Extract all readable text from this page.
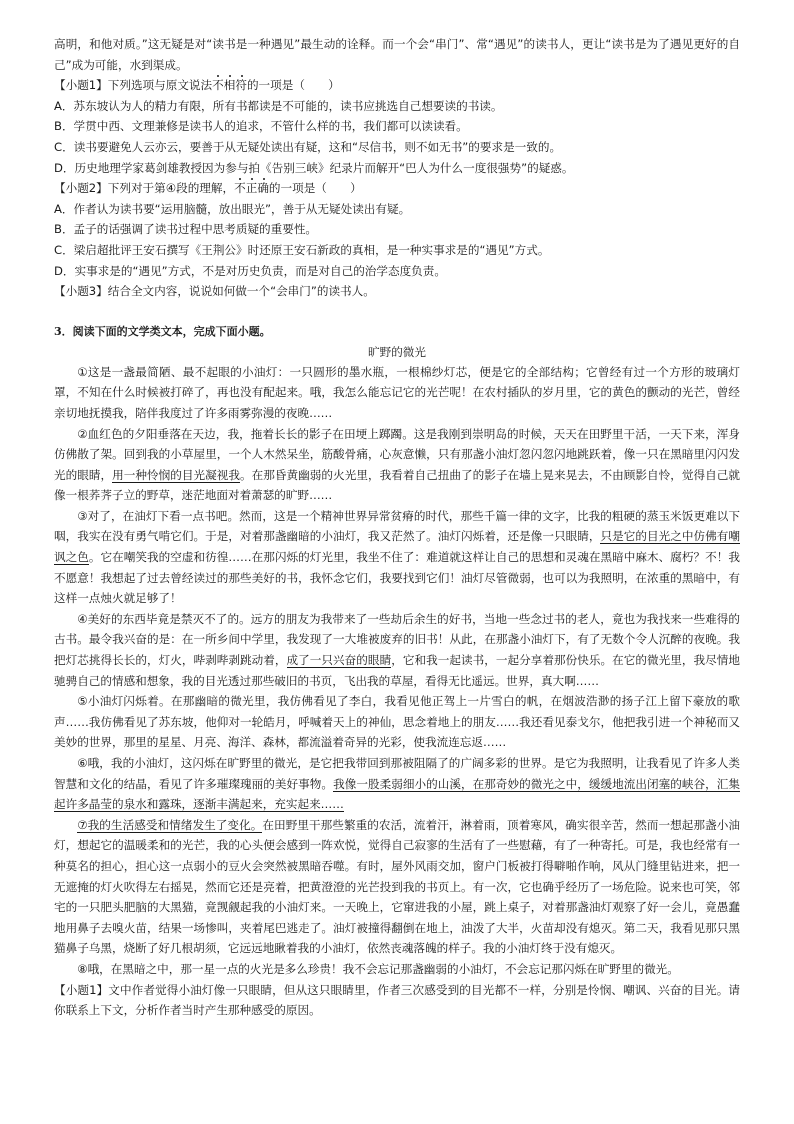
高明，和他对质。”这无疑是对“读书是一种遇见”最生动的诠释。而一个会“串门”、常“遇见”的读书人，更让“读书是为了遇见更好的自己”成为可能，水到渠成。

【小题1】下列选项与原文说法不相符的一项是（　　）

A．苏东坡认为人的精力有限，所有书都读是不可能的，读书应挑选自己想要读的书读。

B．学贯中西、文理兼修是读书人的追求，不管什么样的书，我们都可以读读看。

C．读书要避免人云亦云，要善于从无疑处读出有疑，这和“尽信书，则不如无书”的要求是一致的。

D．历史地理学家葛剑雄教授因为参与拍《告别三峡》纪录片而解开“巴人为什么一度很强势”的疑惑。

【小题2】下列对于第④段的理解，不正确的一项是（　　）

A．作者认为读书要“运用脑髓，放出眼光”，善于从无疑处读出有疑。

B．孟子的话强调了读书过程中思考质疑的重要性。

C．梁启超批评王安石撰写《王荆公》时还原王安石新政的真相，是一种实事求是的“遇见”方式。

D．实事求是的“遇见”方式，不是对历史负责，而是对自己的治学态度负责。

【小题3】结合全文内容，说说如何做一个“会串门”的读书人。

3．阅读下面的文学类文本，完成下面小题。

旷野的微光

①这是一盏最简陋、最不起眼的小油灯：一只圆形的墨水瓶，一根棉纱灯芯，便是它的全部结构；它曾经有过一个方形的玻璃灯罩，不知在什么时候被打碎了，再也没有配起来。哦，我怎么能忘记它的光芒呢！在农村插队的岁月里，它的黄色的颤动的光芒，曾经亲切地抚摸我，陪伴我度过了许多雨雾弥漫的夜晚……

②血红色的夕阳垂落在天边，我，拖着长长的影子在田埂上踯躅。这是我刚到崇明岛的时候，天天在田野里干活，一天下来，浑身仿佛散了架。回到我的小草屋里，一个人木然呆坐，筋酸骨痛，心灰意懒，只有那盏小油灯忽闪忽闪地跳跃着，像一只在黑暗里闪闪发光的眼睛，用一种怜悯的目光凝视我。在那昏黄幽弱的火光里，我看着自己扭曲了的影子在墙上晃来晃去，不由顾影自怜，觉得自己就像一根荞荠子立的野草，迷茫地面对着萧瑟的旷野……

③对了，在油灯下看一点书吧。然而，这是一个精神世界异常贫瘠的时代，那些千篇一律的文字，比我的粗硬的蒸玉米饭更难以下咽，我实在没有勇气啃它们。于是，对着那盏幽暗的小油灯，我又茫然了。油灯闪烁着，还是像一只眼睛，只是它的目光之中仿佛有嘲讽之色。它在嘲笑我的空虚和彷徨……在那闪烁的灯光里，我坐不住了：难道就这样让自己的思想和灵魂在黑暗中麻木、腐朽？不！我不愿意！我想起了过去曾经读过的那些美好的书，我怀念它们，我要找到它们！油灯尽管微弱，也可以为我照明，在浓重的黑暗中，有这样一点烛火就足够了！

④美好的东西毕竟是禁灭不了的。远方的朋友为我带来了一些劫后余生的好书，当地一些念过书的老人，竟也为我找来一些难得的古书。最令我兴奋的是：在一所乡间中学里，我发现了一大堆被废弃的旧书！从此，在那盏小油灯下，有了无数个令人沉醉的夜晚。我把灯芯挑得长长的，灯火，哔剥哔剥跳动着，成了一只兴奋的眼睛，它和我一起读书，一起分享着那份快乐。在它的微光里，我尽情地驰骋自己的情感和想象，我的目光透过那些破旧的书页，飞出我的草屋，看得无比遥远。世界，真大啊……

⑤小油灯闪烁着。在那幽暗的微光里，我仿佛看见了李白，我看见他正驾上一片雪白的帆，在烟波浩渺的扬子江上留下豪放的歌声……我仿佛看见了苏东坡，他仰对一轮皓月，呼喊着天上的神仙，思念着地上的朋友……我还看见泰戈尔，他把我引进一个神秘而又美妙的世界，那里的星星、月亮、海洋、森林，都流溢着奇异的光彩，使我流连忘返……

⑥哦，我的小油灯，这闪烁在旷野里的微光，是它把我带回到那被阻隔了的广阔多彩的世界。是它为我照明，让我看见了许多人类智慧和文化的结晶，看见了许多璀璨瑰丽的美好事物。我像一股柔弱细小的山溪，在那奇妙的微光之中，缓缓地流出闭塞的峡谷，汇集起许多晶莹的泉水和露珠，逐渐丰满起来，充实起来……

⑦我的生活感受和情绪发生了变化。在田野里干那些繁重的农活，流着汗，淋着雨，顶着寒风，确实很辛苦，然而一想起那盏小油灯，想起它的温暖柔和的光芒，我的心头便会感到一阵欢悦，觉得自己寂寥的生活有了一些慰藉，有了一种寄托。可是，我也经常有一种莫名的担心，担心这一点弱小的豆火会突然被黑暗吞噬。有时，屋外风雨交加，窗户门板被打得噼啪作响，风从门缝里钻进来，把一无遮掩的灯火吹得左右摇晃，然而它还是亮着，把黄澄澄的光芒投到我的书页上。有一次，它也确乎经历了一场危险。说来也可笑，邻宅的一只肥头肥脑的大黑猫，竟觊觎起我的小油灯来。一天晚上，它窜进我的小屋，跳上桌子，对着那盏油灯观察了好一会儿，竟愚蠢地用鼻子去嗅火苗，结果一场惨叫，夹着尾巴逃走了。油灯被撞得翻倒在地上，油泼了大半，火苗却没有熄灭。第二天，我看见那只黑猫鼻子乌黑，烧断了好几根胡须，它远远地瞅着我的小油灯，依然丧魂落魄的样子。我的小油灯终于没有熄灭。

⑧哦，在黑暗之中，那一星一点的火光是多么珍贵！我不会忘记那盏幽弱的小油灯，不会忘记那闪烁在旷野里的微光。

【小题1】文中作者觉得小油灯像一只眼睛，但从这只眼睛里，作者三次感受到的目光都不一样，分别是怜悯、嘲讽、兴奋的目光。请你联系上下文，分析作者当时产生那种感受的原因。
